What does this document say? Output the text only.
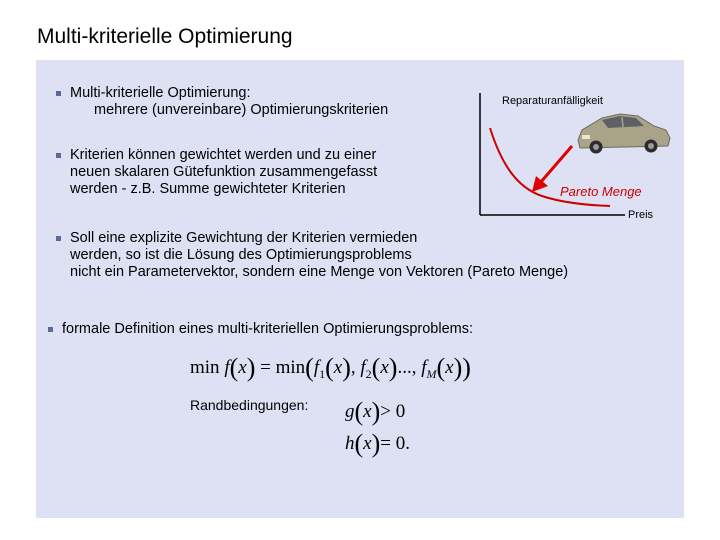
Multi-kriterielle Optimierung
Multi-kriterielle Optimierung:
mehrere (unvereinbare) Optimierungskriterien
Kriterien können gewichtet werden und zu einer
neuen skalaren Gütefunktion zusammengefasst
werden - z.B. Summe gewichteter Kriterien
Soll eine explizite Gewichtung der Kriterien vermieden
werden, so ist die Lösung des Optimierungsproblems
nicht ein Parametervektor, sondern eine Menge von Vektoren (Pareto Menge)
formale Definition eines multi-kriteriellen Optimierungsproblems:
Reparaturanfälligkeit
Preis
Pareto Menge
$\min f(x) = \min(f_1(x)$, $f_2(x)$..., $f_M(x)$)
Randbedingungen: g(x)> 0
h(x)= 0.
